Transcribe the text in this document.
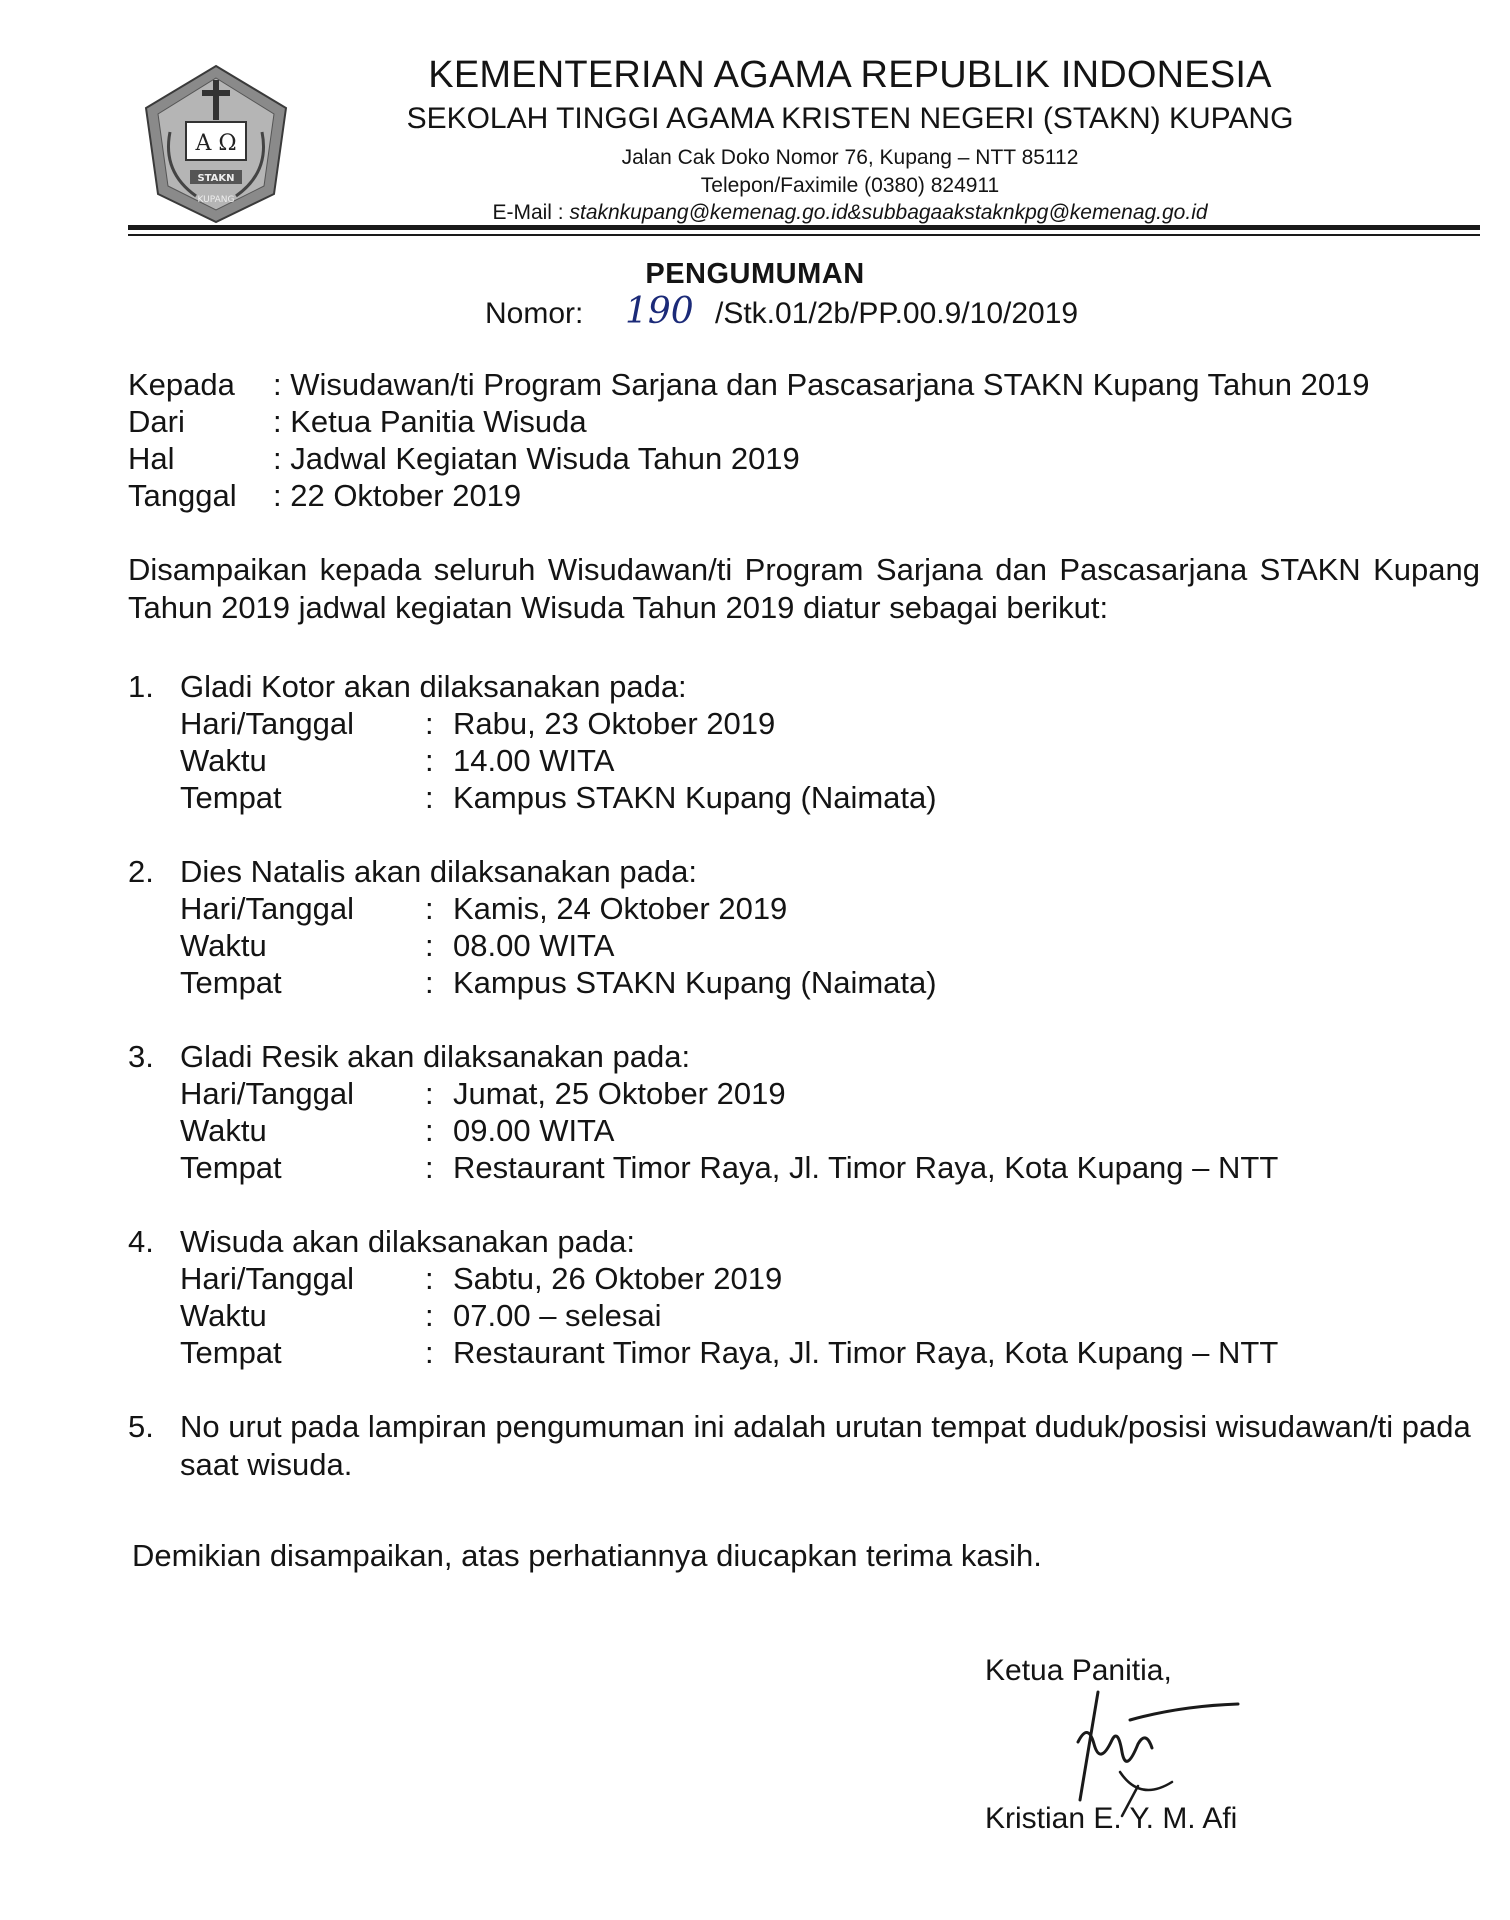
A Ω
STAKN
KUPANG
KEMENTERIAN AGAMA REPUBLIK INDONESIA
SEKOLAH TINGGI AGAMA KRISTEN NEGERI (STAKN) KUPANG
Jalan Cak Doko Nomor 76, Kupang – NTT 85112
Telepon/Faximile (0380) 824911
E-Mail : staknkupang@kemenag.go.id&subbagaakstaknkpg@kemenag.go.id
PENGUMUMAN
Nomor: 190 /Stk.01/2b/PP.00.9/10/2019
Kepada : Wisudawan/ti Program Sarjana dan Pascasarjana STAKN Kupang Tahun 2019
Dari	: Ketua Panitia Wisuda
Hal	: Jadwal Kegiatan Wisuda Tahun 2019
Tanggal : 22 Oktober 2019
Disampaikan kepada seluruh Wisudawan/ti Program Sarjana dan Pascasarjana STAKN Kupang Tahun 2019 jadwal kegiatan Wisuda Tahun 2019 diatur sebagai berikut:
1. Gladi Kotor akan dilaksanakan pada:
Hari/Tanggal : Rabu, 23 Oktober 2019
Waktu	: 14.00 WITA
Tempat	: Kampus STAKN Kupang (Naimata)
2. Dies Natalis akan dilaksanakan pada:
Hari/Tanggal : Kamis, 24 Oktober 2019
Waktu	: 08.00 WITA
Tempat	: Kampus STAKN Kupang (Naimata)
3. Gladi Resik akan dilaksanakan pada:
Hari/Tanggal : Jumat, 25 Oktober 2019
Waktu	: 09.00 WITA
Tempat	: Restaurant Timor Raya, Jl. Timor Raya, Kota Kupang – NTT
4. Wisuda akan dilaksanakan pada:
Hari/Tanggal : Sabtu, 26 Oktober 2019
Waktu	: 07.00 – selesai
Tempat	: Restaurant Timor Raya, Jl. Timor Raya, Kota Kupang – NTT
5. No urut pada lampiran pengumuman ini adalah urutan tempat duduk/posisi wisudawan/ti pada saat wisuda.
Demikian disampaikan, atas perhatiannya diucapkan terima kasih.
Ketua Panitia,
Kristian E. Y. M. Afi
